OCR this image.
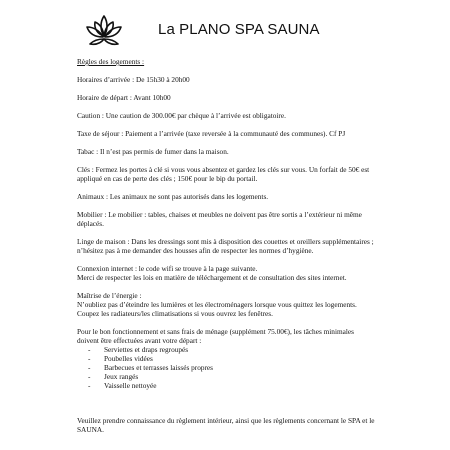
La PLANO SPA SAUNA

Règles des logements :

Horaires d’arrivée : De 15h30 à 20h00

Horaire de départ : Avant 10h00

Caution : Une caution de 300.00€ par chèque à l’arrivée est obligatoire.

Taxe de séjour : Paiement a l’arrivée (taxe reversée à la communauté des communes). Cf PJ

Tabac : Il n’est pas permis de fumer dans la maison.

Clés : Fermez les portes à clé si vous vous absentez et gardez les clés sur vous. Un forfait de 50€ est appliqué en cas de perte des clés ; 150€ pour le bip du portail.

Animaux : Les animaux ne sont pas autorisés dans les logements.

Mobilier : Le mobilier : tables, chaises et meubles ne doivent pas être sortis a l’extérieur ni même déplacés.

Linge de maison : Dans les dressings sont mis à disposition des couettes et oreillers supplémentaires ; n’hésitez pas à me demander des housses afin de respecter les normes d’hygiène.

Connexion internet : le code wifi se trouve à la page suivante.

Merci de respecter les lois en matière de téléchargement et de consultation des sites internet.

Maîtrise de l’énergie :

N’oubliez pas d’éteindre les lumières et les électroménagers lorsque vous quittez les logements.

Coupez les radiateurs/les climatisations si vous ouvrez les fenêtres.

Pour le bon fonctionnement et sans frais de ménage (supplément 75.00€), les tâches minimales doivent être effectuées avant votre départ :

- Serviettes et draps regroupés
- Poubelles vidées
- Barbecues et terrasses laissés propres
- Jeux rangés
- Vaisselle nettoyée

Veuillez prendre connaissance du règlement intérieur, ainsi que les règlements concernant le SPA et le SAUNA.
